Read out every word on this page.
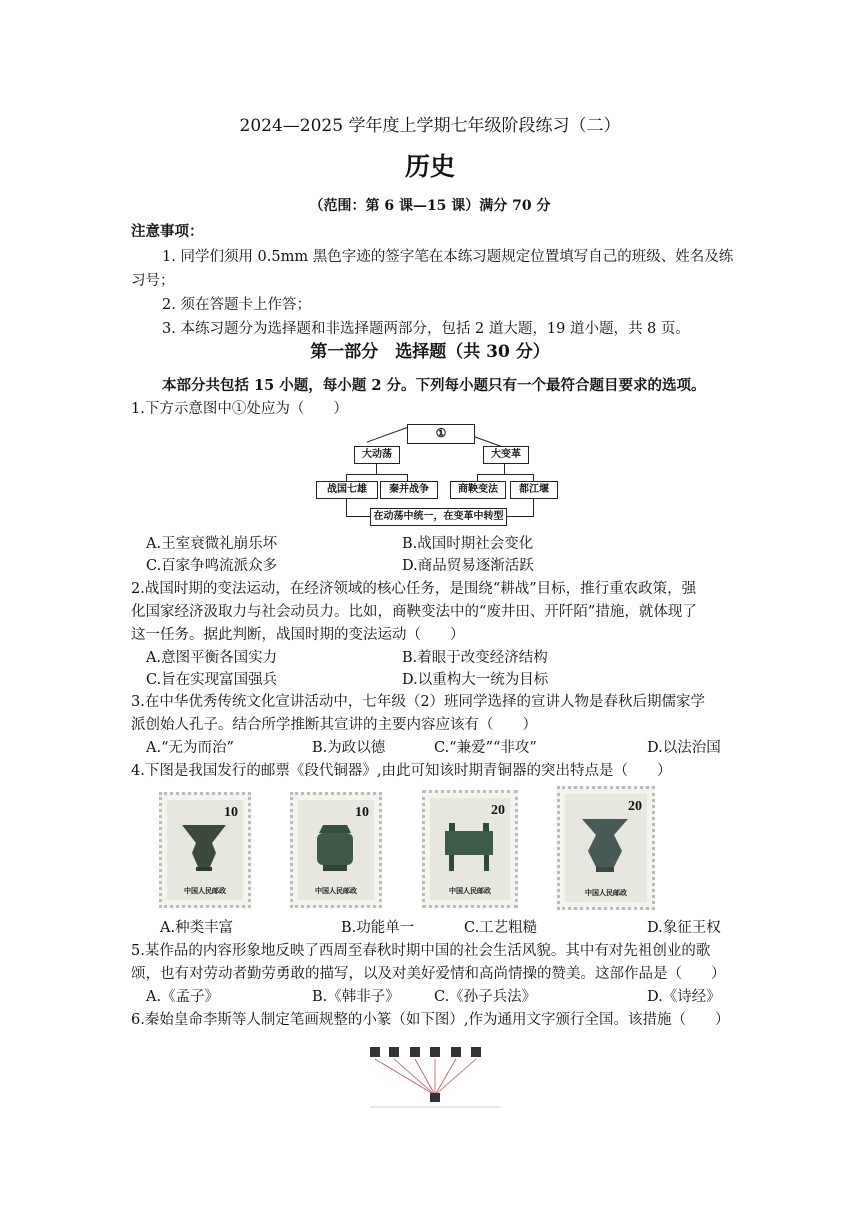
2024—2025 学年度上学期七年级阶段练习（二）
历史
（范围：第 6 课—15 课）满分 70 分
注意事项：
1. 同学们须用 0.5mm 黑色字迹的签字笔在本练习题规定位置填写自己的班级、姓名及练
习号；
2. 须在答题卡上作答；
3. 本练习题分为选择题和非选择题两部分，包括 2 道大题，19 道小题，共 8 页。
第一部分　选择题（共 30 分）
本部分共包括 15 小题，每小题 2 分。下列每小题只有一个最符合题目要求的选项。
1.下方示意图中①处应为（　　）
①
大动荡	大变革
战国七雄	秦并战争	商鞅变法	都江堰
在动荡中统一，在变革中转型
A.王室衰微礼崩乐坏	B.战国时期社会变化
C.百家争鸣流派众多	D.商品贸易逐渐活跃
2.战国时期的变法运动，在经济领域的核心任务，是围绕“耕战”目标，推行重农政策，强
化国家经济汲取力与社会动员力。比如，商鞅变法中的“废井田、开阡陌”措施，就体现了
这一任务。据此判断，战国时期的变法运动（　　）
A.意图平衡各国实力	B.着眼于改变经济结构
C.旨在实现富国强兵	D.以重构大一统为目标
3.在中华优秀传统文化宣讲活动中，七年级（2）班同学选择的宣讲人物是春秋后期儒家学
派创始人孔子。结合所学推断其宣讲的主要内容应该有（　　）
A.“无为而治”	B.为政以德	C.“兼爱”“非攻”	D.以法治国
4.下图是我国发行的邮票《段代铜器》,由此可知该时期青铜器的突出特点是（　　）
10
中国人民邮政
10
中国人民邮政
20
中国人民邮政
20
中国人民邮政
A.种类丰富	B.功能单一	C.工艺粗糙	D.象征王权
5.某作品的内容形象地反映了西周至春秋时期中国的社会生活风貌。其中有对先祖创业的歌
颂，也有对劳动者勤劳勇敢的描写，以及对美好爱情和高尚情操的赞美。这部作品是（　　）
A.《孟子》	B.《韩非子》 C.《孙子兵法》	D.《诗经》
6.秦始皇命李斯等人制定笔画规整的小篆（如下图）,作为通用文字颁行全国。该措施（　　）
